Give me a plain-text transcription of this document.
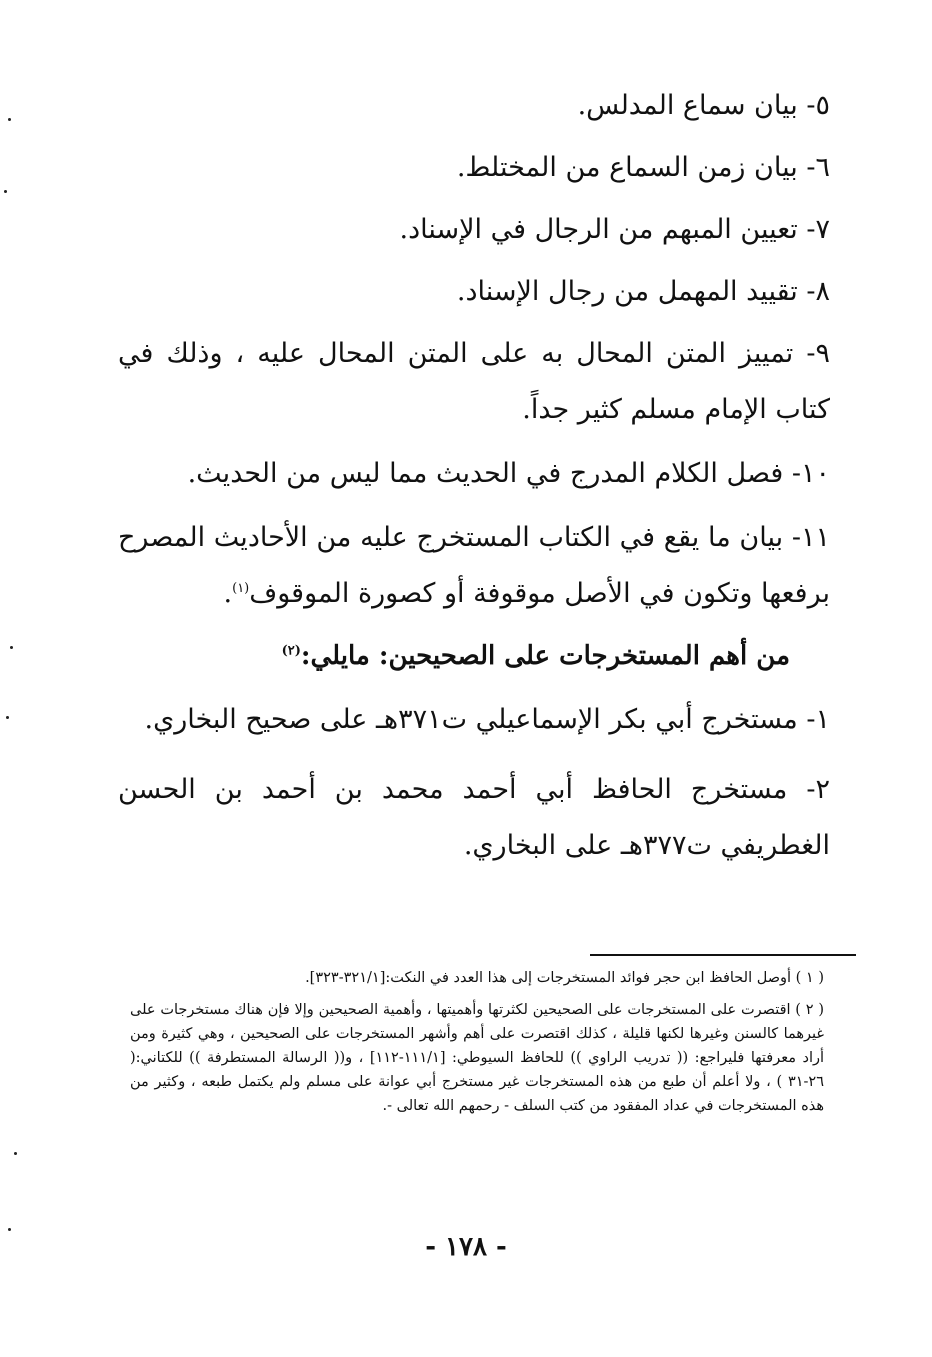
٥- بيان سماع المدلس.

٦- بيان زمن السماع من المختلط.

٧- تعيين المبهم من الرجال في الإسناد.

٨- تقييد المهمل من رجال الإسناد.

٩- تمييز المتن المحال به على المتن المحال عليه ، وذلك في كتاب الإمام مسلم كثير جداً.

١٠- فصل الكلام المدرج في الحديث مما ليس من الحديث.

١١- بيان ما يقع في الكتاب المستخرج عليه من الأحاديث المصرح برفعها وتكون في الأصل موقوفة أو كصورة الموقوف$^{(١)}$.

من أهم المستخرجات على الصحيحين: مايلي:$^{(٢)}$

١- مستخرج أبي بكر الإسماعيلي ت٣٧١هـ على صحيح البخاري.

٢- مستخرج الحافظ أبي أحمد محمد بن أحمد بن الحسن الغطريفي ت٣٧٧هـ على البخاري.

( ١ ) أوصل الحافظ ابن حجر فوائد المستخرجات إلى هذا العدد في النكت:[٣٢١/١-٣٢٣].

( ٢ ) اقتصرت على المستخرجات على الصحيحين لكثرتها وأهميتها ، وأهمية الصحيحين وإلا فإن هناك مستخرجات على غيرهما كالسنن وغيرها لكنها قليلة ، كذلك اقتصرت على أهم وأشهر المستخرجات على الصحيحين ، وهي كثيرة ومن أراد معرفتها فليراجع: (( تدريب الراوي )) للحافظ السيوطي: [١١١/١-١١٢] ، و(( الرسالة المستطرفة )) للكتاني:( ٢٦-٣١ ) ، ولا أعلم أن طبع من هذه المستخرجات غير مستخرج أبي عوانة على مسلم ولم يكتمل طبعه ، وكثير من هذه المستخرجات في عداد المفقود من كتب السلف - رحمهم الله تعالى -.

- ١٧٨ -
